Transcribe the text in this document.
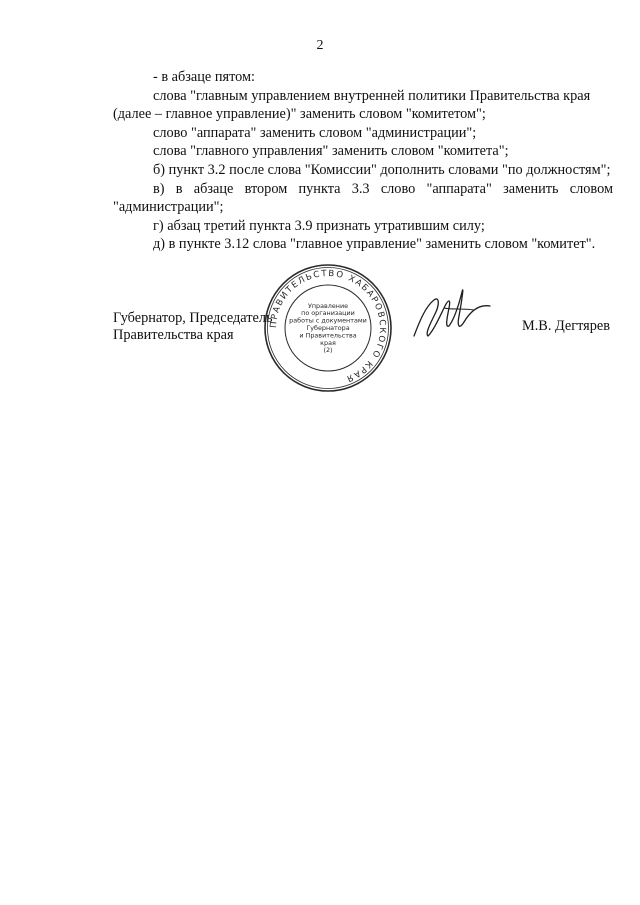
2
- в абзаце пятом:
слова "главным управлением внутренней политики Правительства края
(далее – главное управление)" заменить словом "комитетом";
слово "аппарата" заменить словом "администрации";
слова "главного управления" заменить словом "комитета";
б) пункт 3.2 после слова "Комиссии" дополнить словами "по должностям";
в) в абзаце втором пункта 3.3 слово "аппарата" заменить словом
"администрации";
г) абзац третий пункта 3.9 признать утратившим силу;
д) в пункте 3.12 слова "главное управление" заменить словом "комитет".
Губернатор, Председатель
Правительства края
ПРАВИТЕЛЬСТВО ХАБАРОВСКОГО КРАЯ
Управление
по организации
работы с документами
Губернатора
и Правительства
края
(2)
М.В. Дегтярев
